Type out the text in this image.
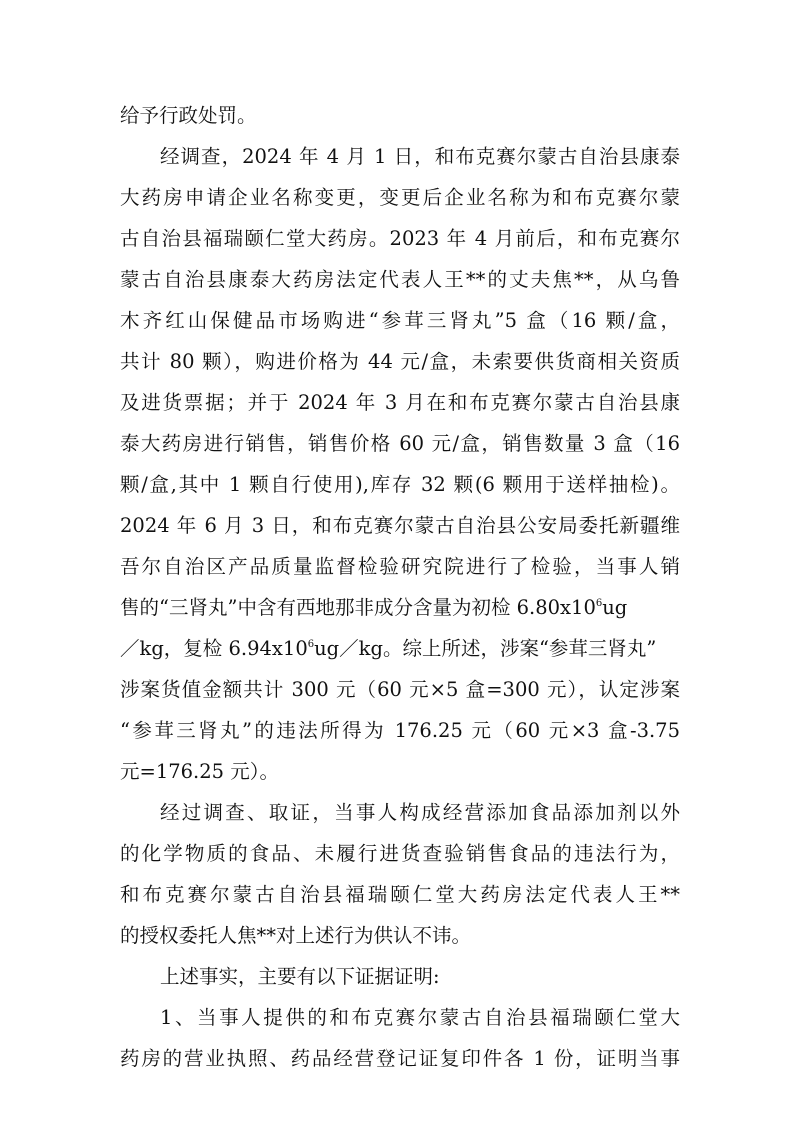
给予行政处罚。
经调查，2024 年 4 月 1 日，和布克赛尔蒙古自治县康泰
大药房申请企业名称变更，变更后企业名称为和布克赛尔蒙
古自治县福瑞颐仁堂大药房。2023 年 4 月前后，和布克赛尔
蒙古自治县康泰大药房法定代表人王**的丈夫焦**，从乌鲁
木齐红山保健品市场购进“参茸三肾丸”5 盒（16 颗/盒，
共计 80 颗），购进价格为 44 元/盒，未索要供货商相关资质
及进货票据；并于 2024 年 3 月在和布克赛尔蒙古自治县康
泰大药房进行销售，销售价格 60 元/盒，销售数量 3 盒（16
颗/盒,其中 1 颗自行使用),库存 32 颗(6 颗用于送样抽检)。
2024 年 6 月 3 日，和布克赛尔蒙古自治县公安局委托新疆维
吾尔自治区产品质量监督检验研究院进行了检验，当事人销
售的“三肾丸”中含有西地那非成分含量为初检 $6.80x10^6ug$
／kg，复检 $6.94x10^6ug/kg$。综上所述，涉案“参茸三肾丸”
涉案货值金额共计 300 元（60 元×5 盒=300 元），认定涉案
“参茸三肾丸”的违法所得为 176.25 元（60 元×3 盒-3.75
元=176.25 元）。
经过调查、取证，当事人构成经营添加食品添加剂以外
的化学物质的食品、未履行进货查验销售食品的违法行为，
和布克赛尔蒙古自治县福瑞颐仁堂大药房法定代表人王**
的授权委托人焦**对上述行为供认不讳。
上述事实，主要有以下证据证明:
1、当事人提供的和布克赛尔蒙古自治县福瑞颐仁堂大
药房的营业执照、药品经营登记证复印件各 1 份，证明当事
